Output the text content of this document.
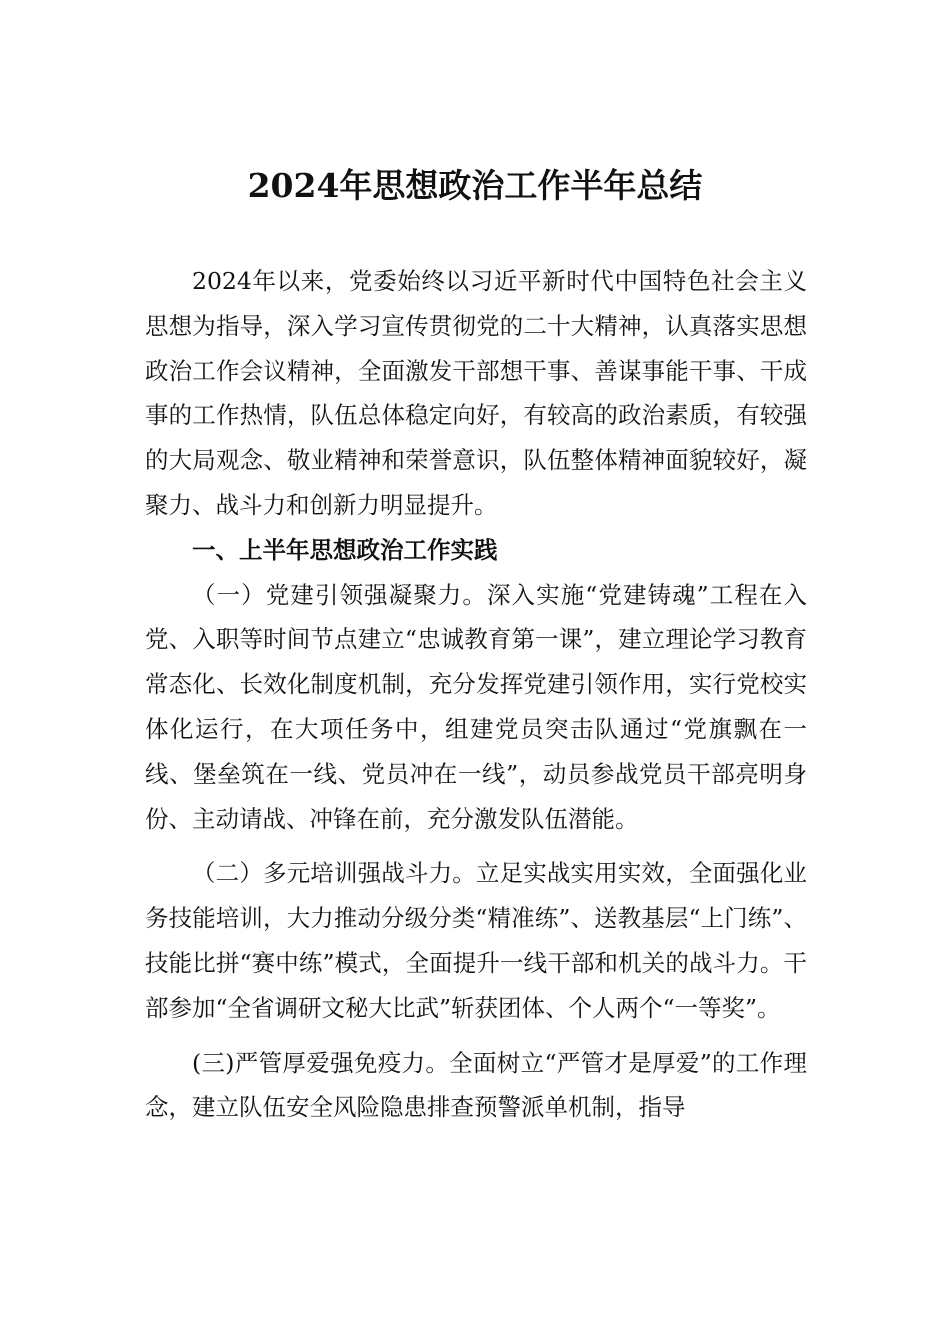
2024年思想政治工作半年总结

2024年以来，党委始终以习近平新时代中国特色社会主义思想为指导，深入学习宣传贯彻党的二十大精神，认真落实思想政治工作会议精神，全面激发干部想干事、善谋事能干事、干成事的工作热情，队伍总体稳定向好，有较高的政治素质，有较强的大局观念、敬业精神和荣誉意识，队伍整体精神面貌较好，凝聚力、战斗力和创新力明显提升。

一、上半年思想政治工作实践

（一）党建引领强凝聚力。深入实施“党建铸魂”工程在入党、入职等时间节点建立“忠诚教育第一课”，建立理论学习教育常态化、长效化制度机制，充分发挥党建引领作用，实行党校实体化运行，在大项任务中，组建党员突击队通过“党旗飘在一线、堡垒筑在一线、党员冲在一线”，动员参战党员干部亮明身份、主动请战、冲锋在前，充分激发队伍潜能。

（二）多元培训强战斗力。立足实战实用实效，全面强化业务技能培训，大力推动分级分类“精准练”、送教基层“上门练”、技能比拼“赛中练”模式，全面提升一线干部和机关的战斗力。干部参加“全省调研文秘大比武”斩获团体、个人两个“一等奖”。

(三)严管厚爱强免疫力。全面树立“严管才是厚爱”的工作理念，建立队伍安全风险隐患排查预警派单机制，指导
